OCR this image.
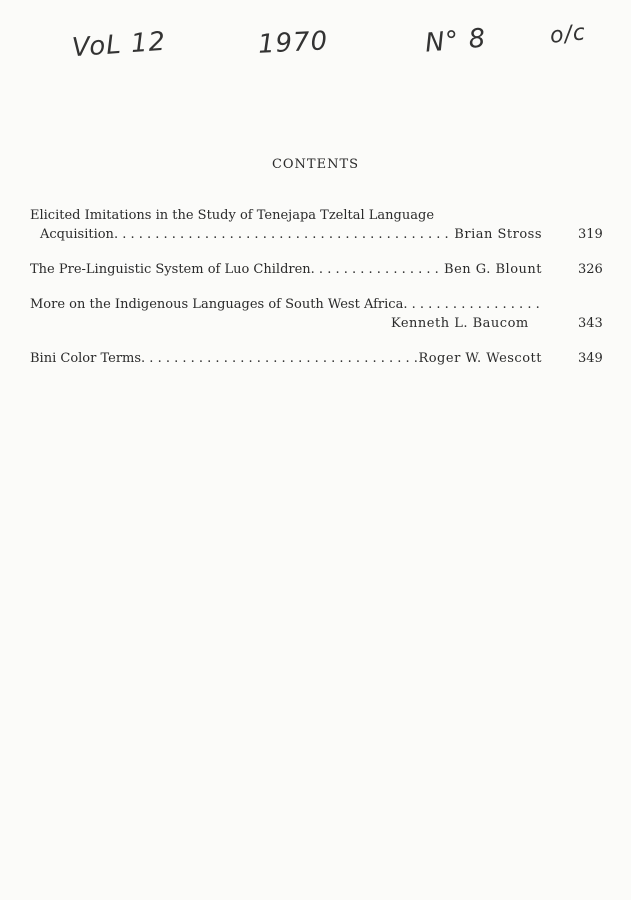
VoL 12	1970	N° 8	o/c
CONTENTS
Elicited Imitations in the Study of Tenejapa Tzeltal Language
Acquisition . . .	Brian Stross	319
The Pre-Linguistic System of Luo Children . . .	Ben G. Blount	326
More on the Indigenous Languages of South West Africa
. . .
Kenneth L. Baucom	343
Bini Color Terms . . .	Roger W. Wescott	349
